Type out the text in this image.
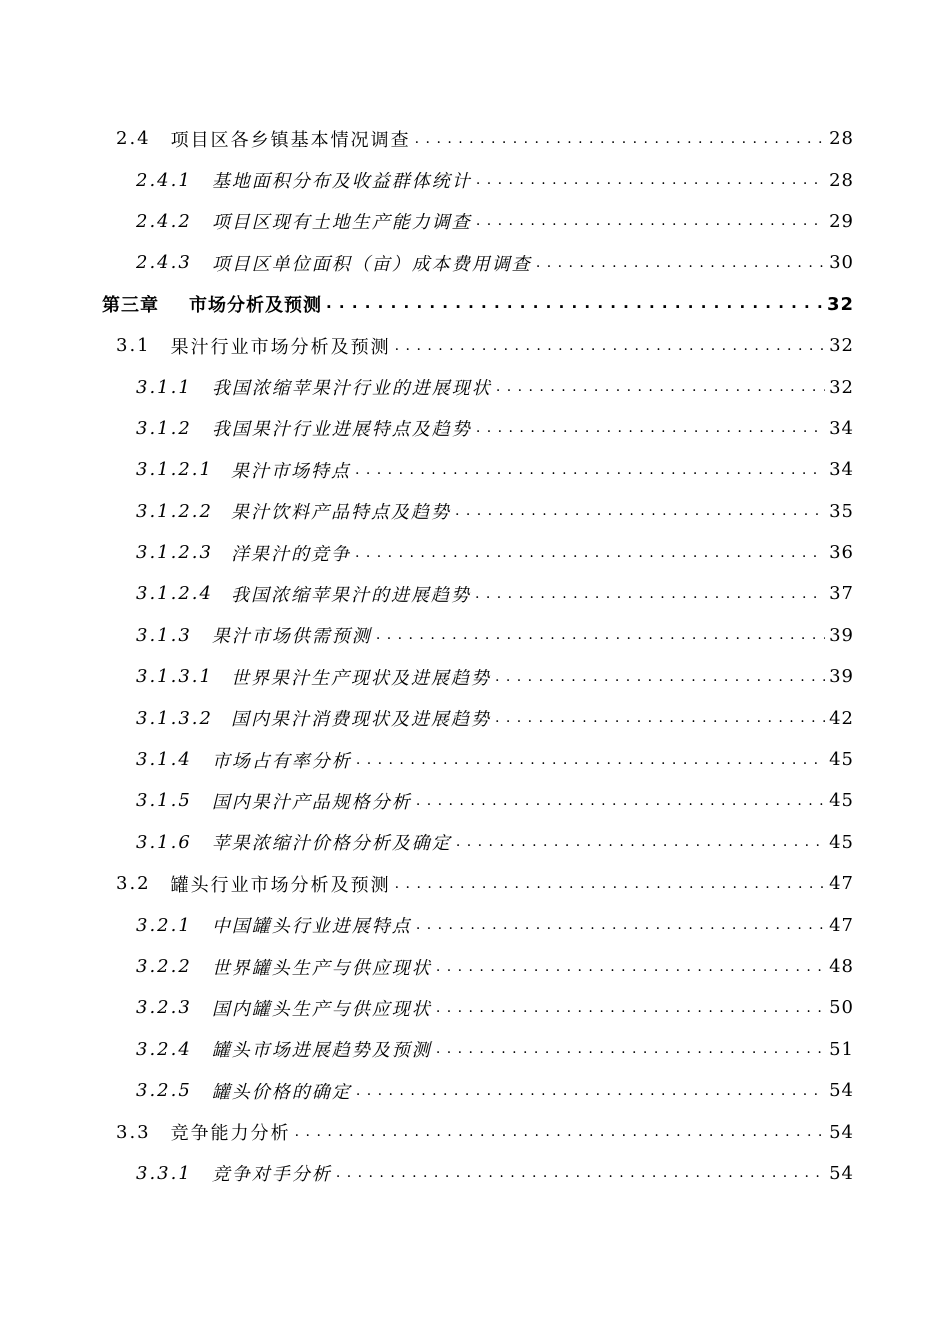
2.4 项目区各乡镇基本情况调查 . . .	28
2.4.1 基地面积分布及收益群体统计 . . .	28
2.4.2 项目区现有土地生产能力调查 . . .	29
2.4.3 项目区单位面积（亩）成本费用调查 . . .	30
第三章 市场分析及预测 . . .	32
3.1 果汁行业市场分析及预测 . . .	32
3.1.1 我国浓缩苹果汁行业的进展现状 . . .	32
3.1.2 我国果汁行业进展特点及趋势 . . .	34
3.1.2.1 果汁市场特点 . . .	34
3.1.2.2 果汁饮料产品特点及趋势 . . .	35
3.1.2.3 洋果汁的竞争 . . .	36
3.1.2.4 我国浓缩苹果汁的进展趋势 . . .	37
3.1.3 果汁市场供需预测 . . .	39
3.1.3.1 世界果汁生产现状及进展趋势 . . .	39
3.1.3.2 国内果汁消费现状及进展趋势 . . .	42
3.1.4 市场占有率分析 . . .	45
3.1.5 国内果汁产品规格分析 . . .	45
3.1.6 苹果浓缩汁价格分析及确定 . . .	45
3.2 罐头行业市场分析及预测 . . .	47
3.2.1 中国罐头行业进展特点 . . .	47
3.2.2 世界罐头生产与供应现状 . . .	48
3.2.3 国内罐头生产与供应现状 . . .	50
3.2.4 罐头市场进展趋势及预测 . . .	51
3.2.5 罐头价格的确定 . . .	54
3.3 竞争能力分析 . . .	54
3.3.1 竞争对手分析 . . .	54
